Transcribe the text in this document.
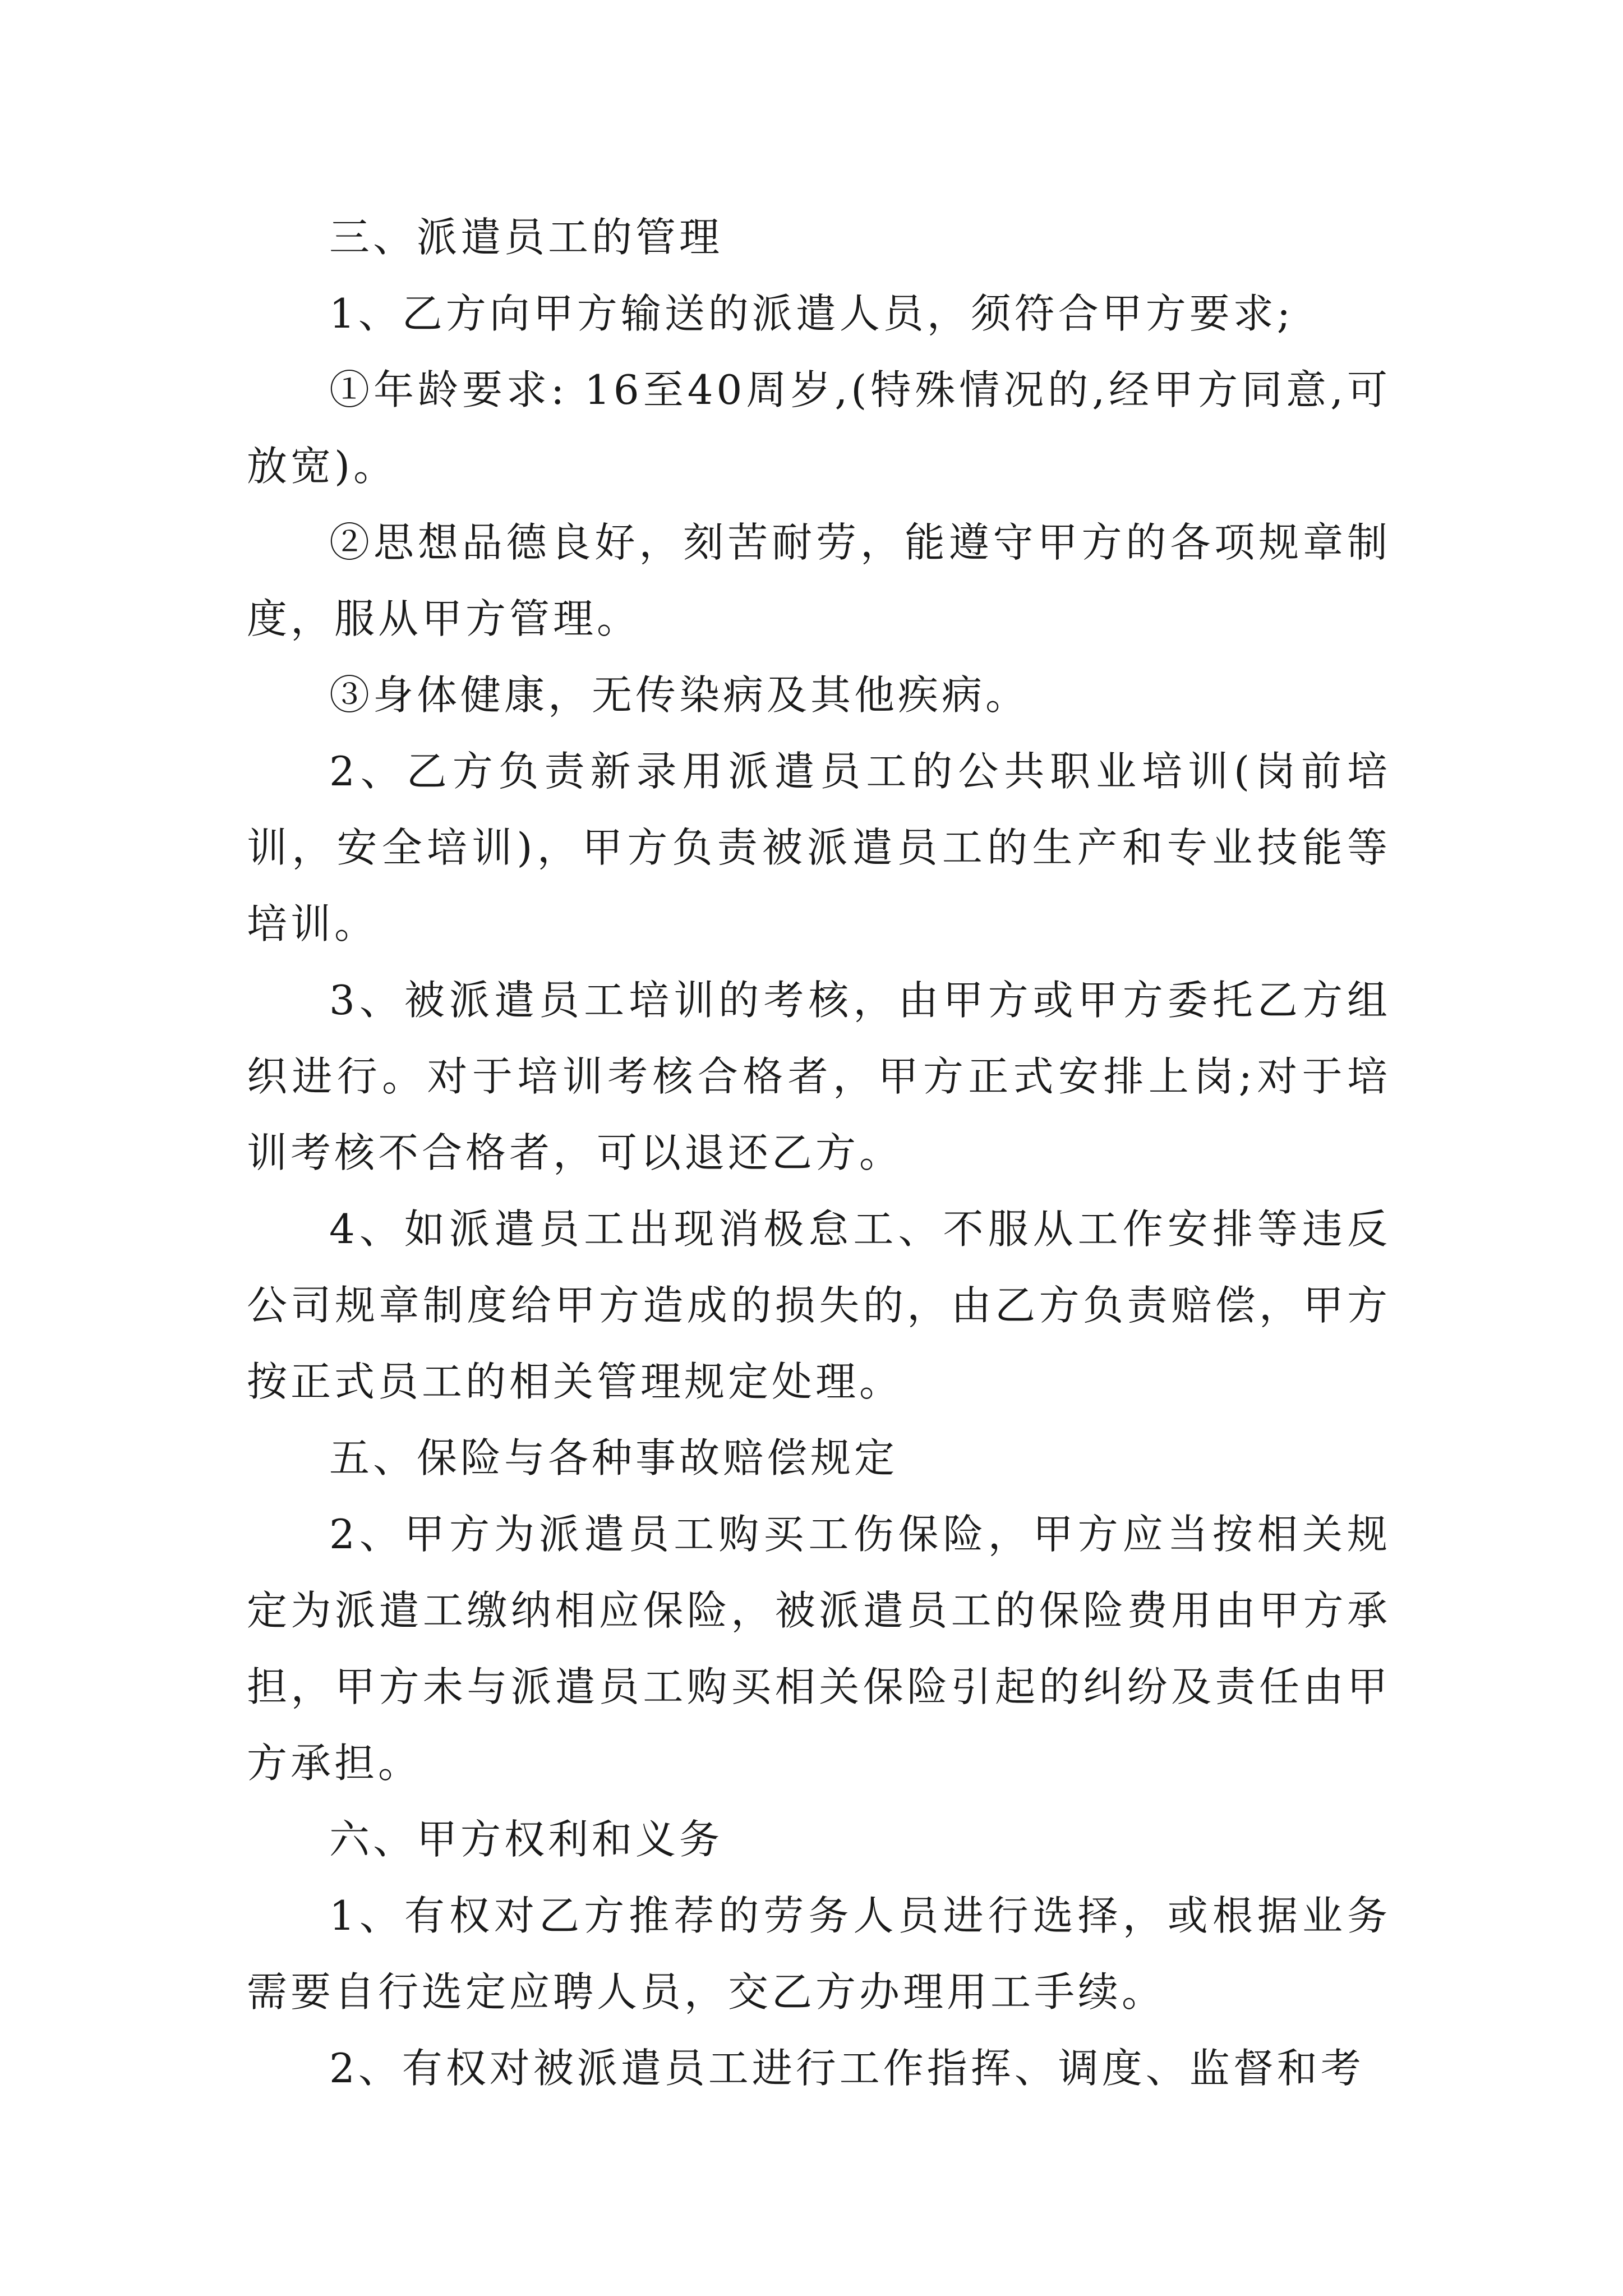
三、派遣员工的管理

1、乙方向甲方输送的派遣人员，须符合甲方要求;

①年龄要求: 16至40周岁,(特殊情况的,经甲方同意,可放宽)。

②思想品德良好，刻苦耐劳，能遵守甲方的各项规章制度，服从甲方管理。

③身体健康，无传染病及其他疾病。

2、乙方负责新录用派遣员工的公共职业培训(岗前培训，安全培训)，甲方负责被派遣员工的生产和专业技能等培训。

3、被派遣员工培训的考核，由甲方或甲方委托乙方组织进行。对于培训考核合格者，甲方正式安排上岗;对于培训考核不合格者，可以退还乙方。

4、如派遣员工出现消极怠工、不服从工作安排等违反公司规章制度给甲方造成的损失的，由乙方负责赔偿，甲方按正式员工的相关管理规定处理。

五、保险与各种事故赔偿规定

2、甲方为派遣员工购买工伤保险，甲方应当按相关规定为派遣工缴纳相应保险，被派遣员工的保险费用由甲方承担，甲方未与派遣员工购买相关保险引起的纠纷及责任由甲方承担。

六、甲方权利和义务

1、有权对乙方推荐的劳务人员进行选择，或根据业务需要自行选定应聘人员，交乙方办理用工手续。

2、有权对被派遣员工进行工作指挥、调度、监督和考
